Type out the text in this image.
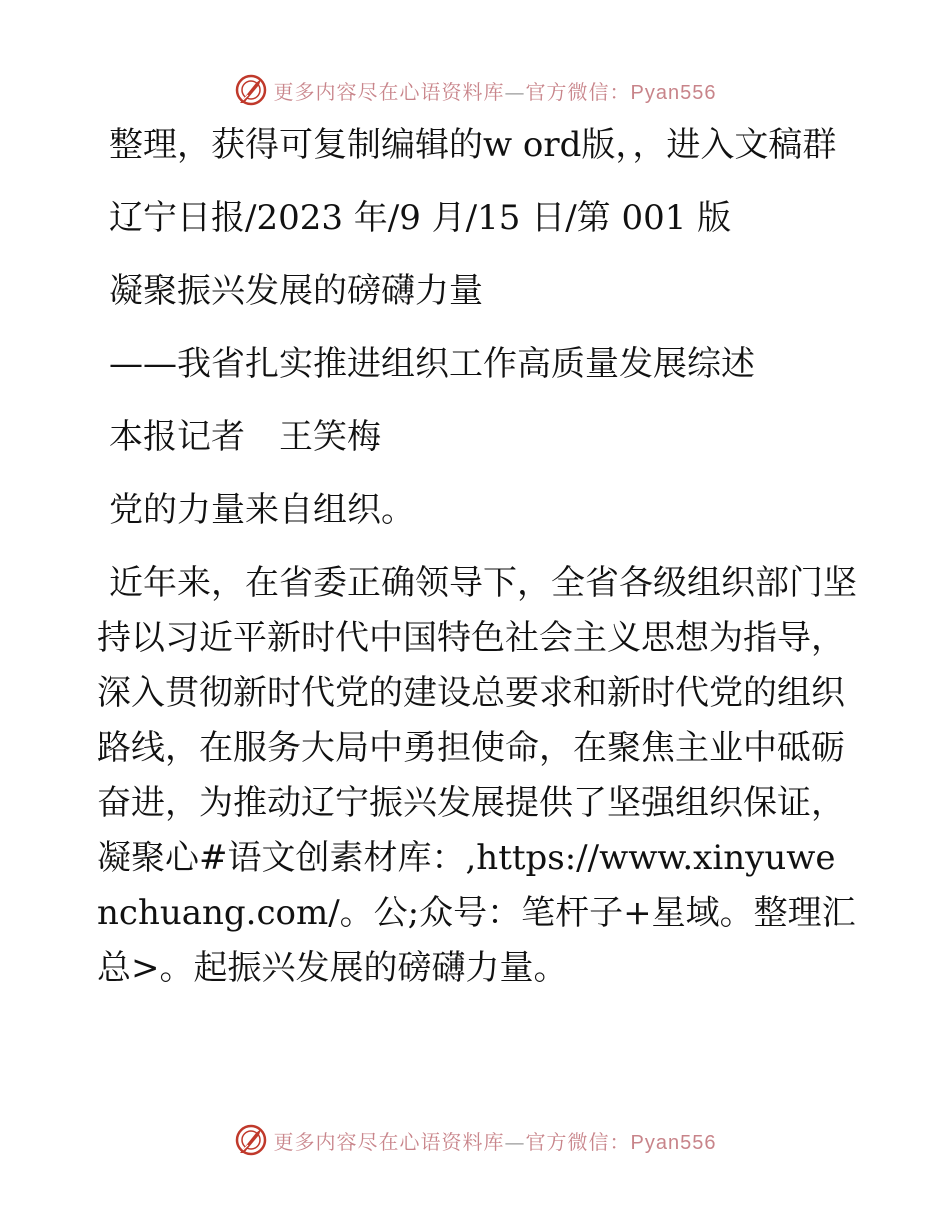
更多内容尽在心语资料库—官方微信：Pyan556

整理，获得可复制编辑的w ord版，，进入文稿群

辽宁日报/2023 年/9 月/15 日/第 001 版

凝聚振兴发展的磅礴力量

——我省扎实推进组织工作高质量发展综述

本报记者　王笑梅

党的力量来自组织。

近年来，在省委正确领导下，全省各级组织部门坚持以习近平新时代中国特色社会主义思想为指导，深入贯彻新时代党的建设总要求和新时代党的组织路线，在服务大局中勇担使命，在聚焦主业中砥砺奋进，为推动辽宁振兴发展提供了坚强组织保证，凝聚心#语文创素材库：,https://www.xinyuwenchuang.com/。公;众号：笔杆子+星域。整理汇总>。起振兴发展的磅礴力量。

更多内容尽在心语资料库—官方微信：Pyan556
